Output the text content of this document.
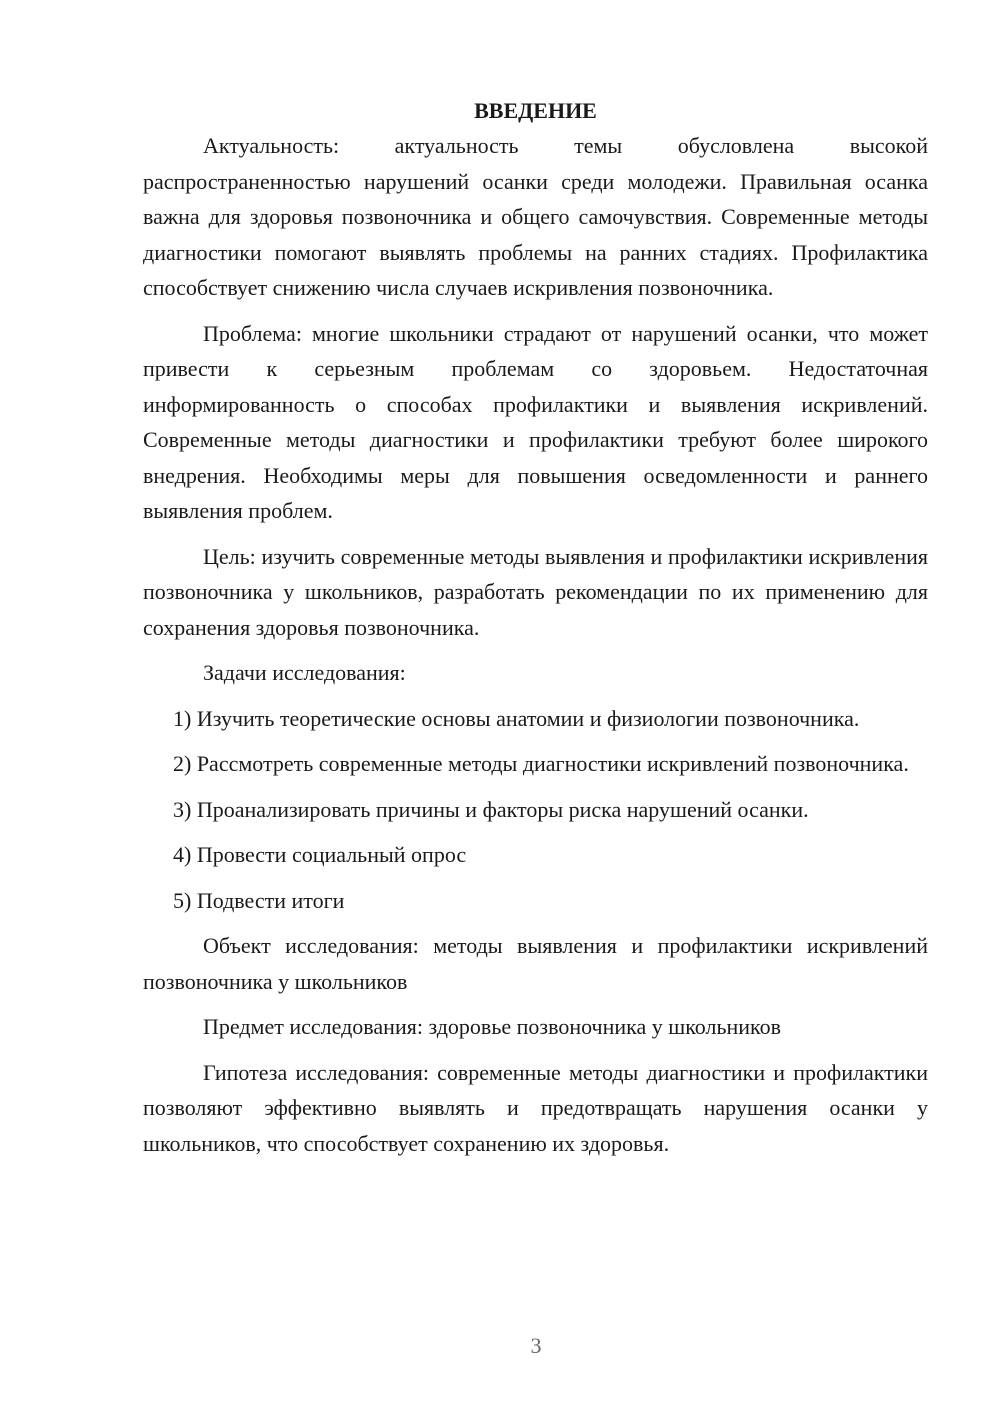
ВВЕДЕНИЕ

Актуальность: актуальность темы обусловлена высокой распространенностью нарушений осанки среди молодежи. Правильная осанка важна для здоровья позвоночника и общего самочувствия. Современные методы диагностики помогают выявлять проблемы на ранних стадиях. Профилактика способствует снижению числа случаев искривления позвоночника.

Проблема: многие школьники страдают от нарушений осанки, что может привести к серьезным проблемам со здоровьем. Недостаточная информированность о способах профилактики и выявления искривлений. Современные методы диагностики и профилактики требуют более широкого внедрения. Необходимы меры для повышения осведомленности и раннего выявления проблем.

Цель: изучить современные методы выявления и профилактики искривления позвоночника у школьников, разработать рекомендации по их применению для сохранения здоровья позвоночника.

Задачи исследования:

1) Изучить теоретические основы анатомии и физиологии позвоночника.

2) Рассмотреть современные методы диагностики искривлений позвоночника.

3) Проанализировать причины и факторы риска нарушений осанки.

4) Провести социальный опрос

5) Подвести итоги

Объект исследования: методы выявления и профилактики искривлений позвоночника у школьников

Предмет исследования: здоровье позвоночника у школьников

Гипотеза исследования: современные методы диагностики и профилактики позволяют эффективно выявлять и предотвращать нарушения осанки у школьников, что способствует сохранению их здоровья.

3
